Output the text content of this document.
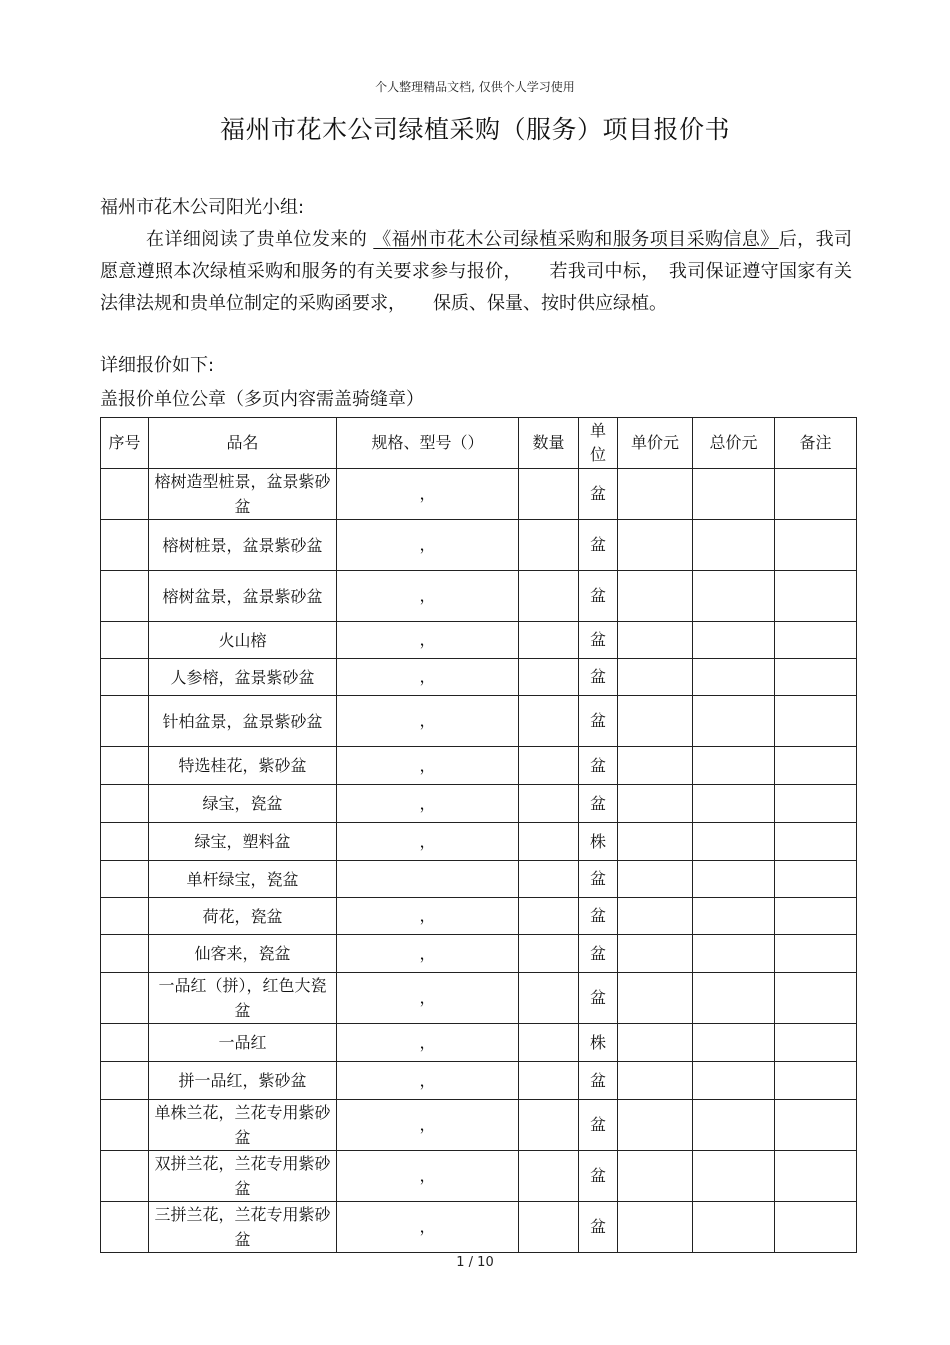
个人整理精品文档, 仅供个人学习使用
福州市花木公司绿植采购（服务）项目报价书
福州市花木公司阳光小组:
在详细阅读了贵单位发来的 《福州市花木公司绿植采购和服务项目采购信息》后，我司愿意遵照本次绿植采购和服务的有关要求参与报价，　　若我司中标，　我司保证遵守国家有关法律法规和贵单位制定的采购函要求，　　保质、保量、按时供应绿植。
详细报价如下:
盖报价单位公章（多页内容需盖骑缝章）
序号	品名	规格、型号（）	数量	单位	单价元	总价元	备注
	榕树造型桩景，盆景紫砂盆	，		盆			
	榕树桩景，盆景紫砂盆	，		盆			
	榕树盆景，盆景紫砂盆	，		盆			
	火山榕	，		盆			
	人参榕，盆景紫砂盆	，		盆			
	针柏盆景，盆景紫砂盆	，		盆			
	特选桂花，紫砂盆	，		盆			
	绿宝，瓷盆	，		盆			
	绿宝，塑料盆	，		株			
	单杆绿宝，瓷盆			盆			
	荷花，瓷盆	，		盆			
	仙客来，瓷盆	，		盆			
	一品红（拼），红色大瓷盆	，		盆			
	一品红	，		株			
	拼一品红，紫砂盆	，		盆			
	单株兰花，兰花专用紫砂盆	，		盆			
	双拼兰花，兰花专用紫砂盆	，		盆			
	三拼兰花，兰花专用紫砂盆	，		盆			
1 / 10
